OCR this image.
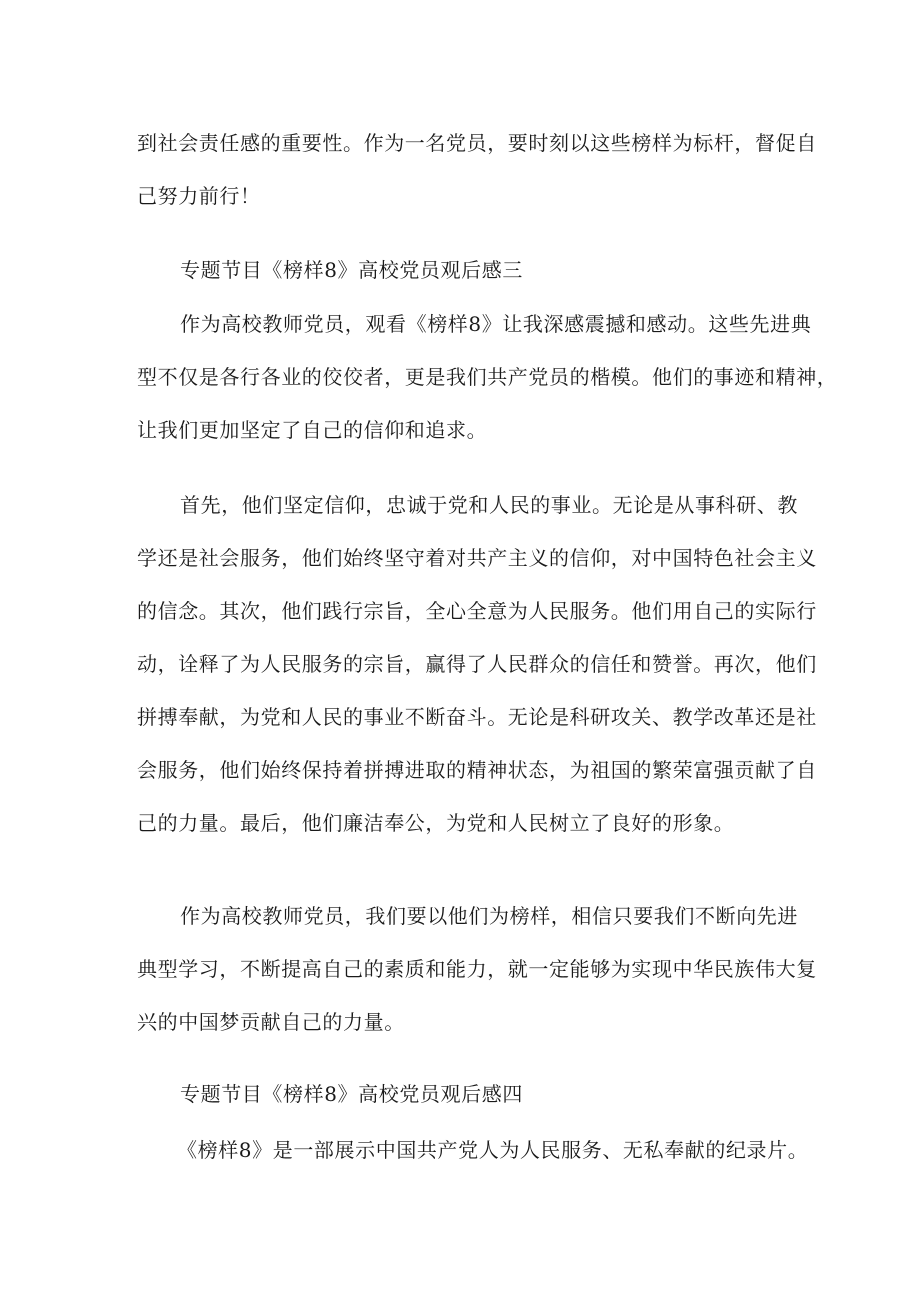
到社会责任感的重要性。作为一名党员，要时刻以这些榜样为标杆，督促自
己努力前行！
专题节目《榜样8》高校党员观后感三
作为高校教师党员，观看《榜样8》让我深感震撼和感动。这些先进典
型不仅是各行各业的佼佼者，更是我们共产党员的楷模。他们的事迹和精神，
让我们更加坚定了自己的信仰和追求。
首先，他们坚定信仰，忠诚于党和人民的事业。无论是从事科研、教
学还是社会服务，他们始终坚守着对共产主义的信仰，对中国特色社会主义
的信念。其次，他们践行宗旨，全心全意为人民服务。他们用自己的实际行
动，诠释了为人民服务的宗旨，赢得了人民群众的信任和赞誉。再次，他们
拼搏奉献，为党和人民的事业不断奋斗。无论是科研攻关、教学改革还是社
会服务，他们始终保持着拼搏进取的精神状态，为祖国的繁荣富强贡献了自
己的力量。最后，他们廉洁奉公，为党和人民树立了良好的形象。
作为高校教师党员，我们要以他们为榜样，相信只要我们不断向先进
典型学习，不断提高自己的素质和能力，就一定能够为实现中华民族伟大复
兴的中国梦贡献自己的力量。
专题节目《榜样8》高校党员观后感四
《榜样8》是一部展示中国共产党人为人民服务、无私奉献的纪录片。
